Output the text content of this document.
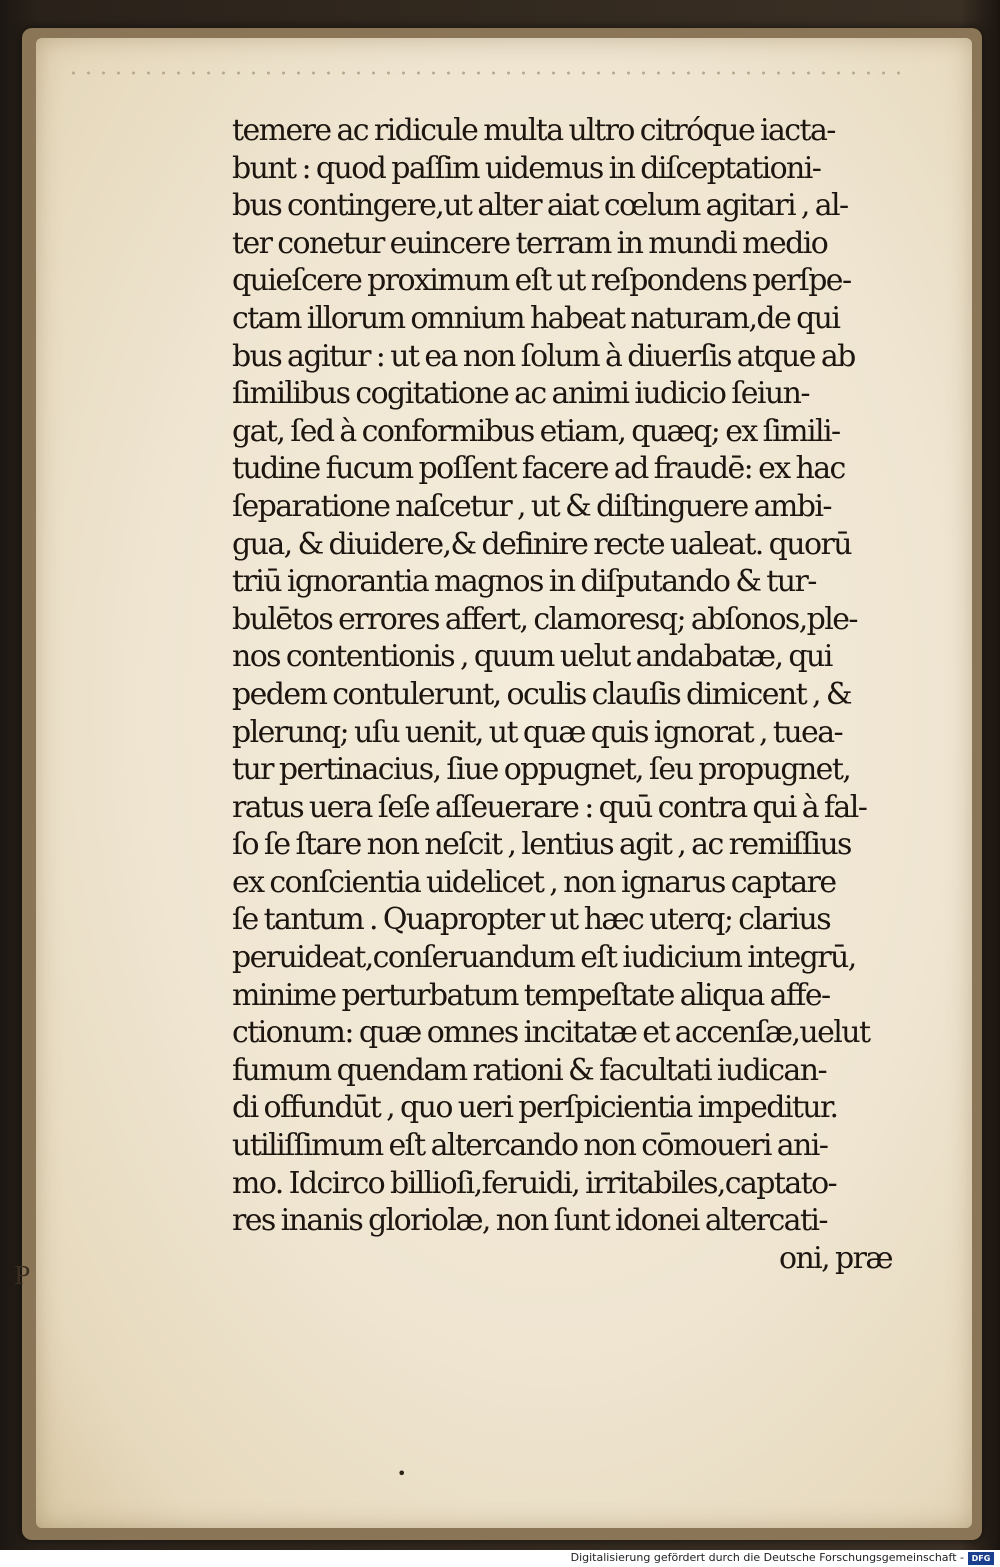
temere ac ridicule multa ultro citróque iacta‑
bunt : quod paſſim uidemus in diſceptationi‑
bus contingere,ut alter aiat cœlum agitari , al‑
ter conetur euincere terram in mundi medio
quieſcere proximum eſt ut reſpondens perſpe‑
ctam illorum omnium habeat naturam,de qui
bus agitur : ut ea non ſolum à diuerſis atque ab
ſimilibus cogitatione ac animi iudicio ſeiun‑
gat, ſed à conformibus etiam, quæq; ex ſimili‑
tudine fucum poſſent facere ad fraudē: ex hac
ſeparatione naſcetur , ut & diſtinguere ambi‑
gua, & diuidere,& definire recte ualeat. quorū
triū ignorantia magnos in diſputando & tur‑
bulētos errores affert, clamoresq; abſonos,ple‑
nos contentionis , quum uelut andabatæ, qui
pedem contulerunt, oculis clauſis dimicent , &
plerunq; uſu uenit, ut quæ quis ignorat , tuea‑
tur pertinacius, ſiue oppugnet, ſeu propugnet,
ratus uera ſeſe aſſeuerare : quū contra qui à fal‑
ſo ſe ſtare non neſcit , lentius agit , ac remiſſius
ex conſcientia uidelicet , non ignarus captare
ſe tantum . Quapropter ut hæc uterq; clarius
peruideat,conſeruandum eſt iudicium integrū,
minime perturbatum tempeſtate aliqua affe‑
ctionum: quæ omnes incitatæ et accenſæ,uelut
fumum quendam rationi & facultati iudican‑
di offundūt , quo ueri perſpicientia impeditur.
utiliſſimum eſt altercando non cōmoueri ani‑
mo. Idcirco billioſi,feruidi, irritabiles,captato‑
res inanis gloriolæ, non ſunt idonei altercati‑
oni, præ
•
P
Digitalisierung gefördert durch die Deutsche Forschungsgemeinschaft - DFG
